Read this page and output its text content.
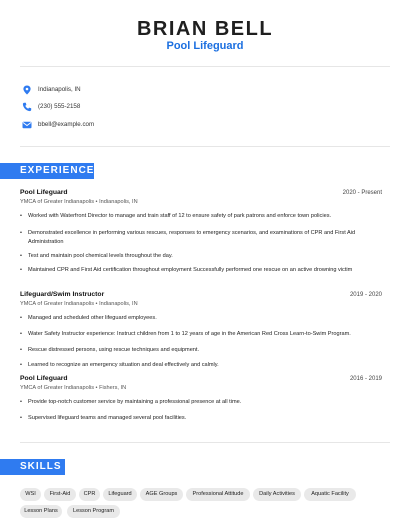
BRIAN BELL
Pool Lifeguard
Indianapolis, IN
(230) 555-2158
bbell@example.com
EXPERIENCE
Pool Lifeguard	2020 - Present
YMCA of Greater Indianapolis • Indianapolis, IN
•	Worked with Waterfront Director to manage and train staff of 12 to ensure safety of park patrons and enforce town policies.
•	Demonstrated excellence in performing various rescues, responses to emergency scenarios, and examinations of CPR and First Aid Administration
•	Test and maintain pool chemical levels throughout the day.
•	Maintained CPR and First Aid certification throughout employment Successfully performed one rescue on an active drowning victim
Lifeguard/Swim Instructor	2019 - 2020
YMCA of Greater Indianapolis • Indianapolis, IN
•	Managed and scheduled other lifeguard employees.
•	Water Safety Instructor experience: Instruct children from 1 to 12 years of age in the American Red Cross Learn-to-Swim Program.
•	Rescue distressed persons, using rescue techniques and equipment.
•	Learned to recognize an emergency situation and deal effectively and calmly.
Pool Lifeguard	2016 - 2019
YMCA of Greater Indianapolis • Fishers, IN
•	Provide top-notch customer service by maintaining a professional presence at all time.
•	Supervised lifeguard teams and managed several pool facilities.
SKILLS
WSI	First-Aid	CPR	Lifeguard	AGE Groups	Professional Attitude	Daily Activities	Aquatic Facility
Lesson Plans	Lesson Program
